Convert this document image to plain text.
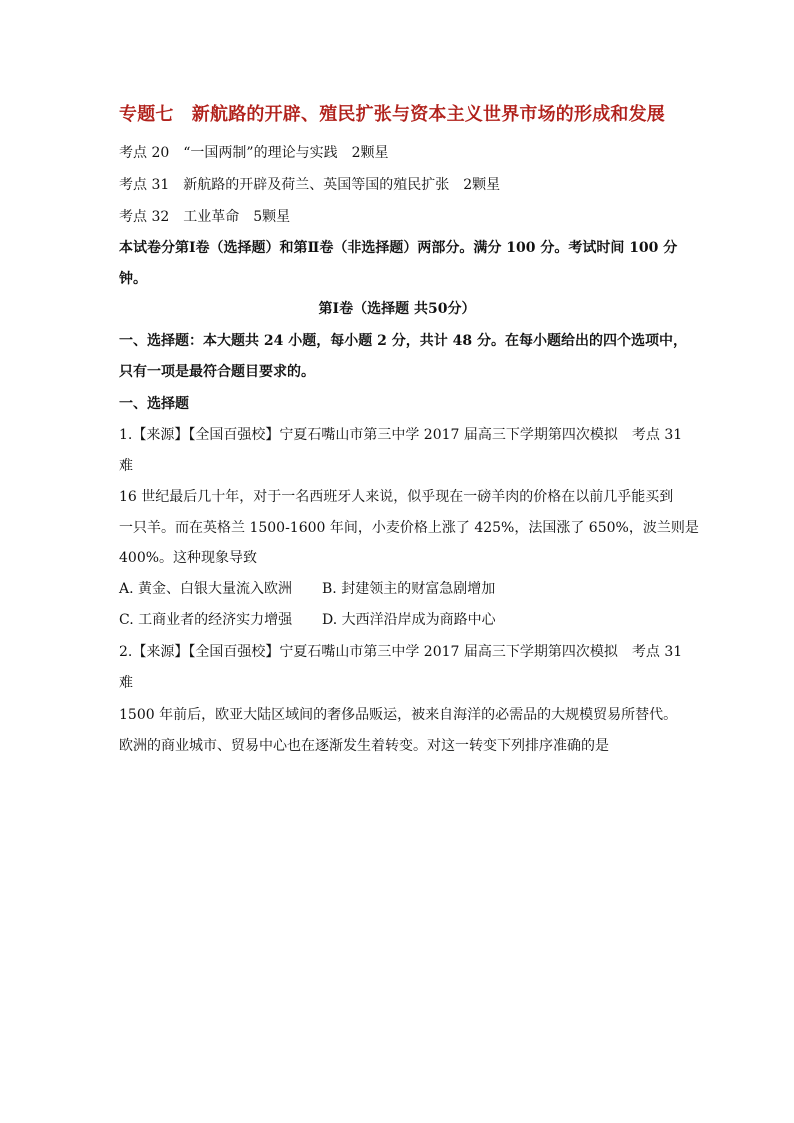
专题七　新航路的开辟、殖民扩张与资本主义世界市场的形成和发展
考点 20　“一国两制”的理论与实践　2颗星
考点 31　新航路的开辟及荷兰、英国等国的殖民扩张　2颗星
考点 32　工业革命　5颗星
本试卷分第Ⅰ卷（选择题）和第Ⅱ卷（非选择题）两部分。满分 100 分。考试时间 100 分
钟。
第Ⅰ卷（选择题 共50分）
一、选择题：本大题共 24 小题，每小题 2 分，共计 48 分。在每小题给出的四个选项中，
只有一项是最符合题目要求的。
一、选择题
1.【来源】【全国百强校】宁夏石嘴山市第三中学 2017 届高三下学期第四次模拟　考点 31
难
16 世纪最后几十年，对于一名西班牙人来说，似乎现在一磅羊肉的价格在以前几乎能买到
一只羊。而在英格兰 1500-1600 年间，小麦价格上涨了 425%，法国涨了 650%，波兰则是
400%。这种现象导致
A. 黄金、白银大量流入欧洲 B. 封建领主的财富急剧增加
C. 工商业者的经济实力增强 D. 大西洋沿岸成为商路中心
2.【来源】【全国百强校】宁夏石嘴山市第三中学 2017 届高三下学期第四次模拟　考点 31
难
1500 年前后，欧亚大陆区域间的奢侈品贩运，被来自海洋的必需品的大规模贸易所替代。
欧洲的商业城市、贸易中心也在逐渐发生着转变。对这一转变下列排序准确的是
